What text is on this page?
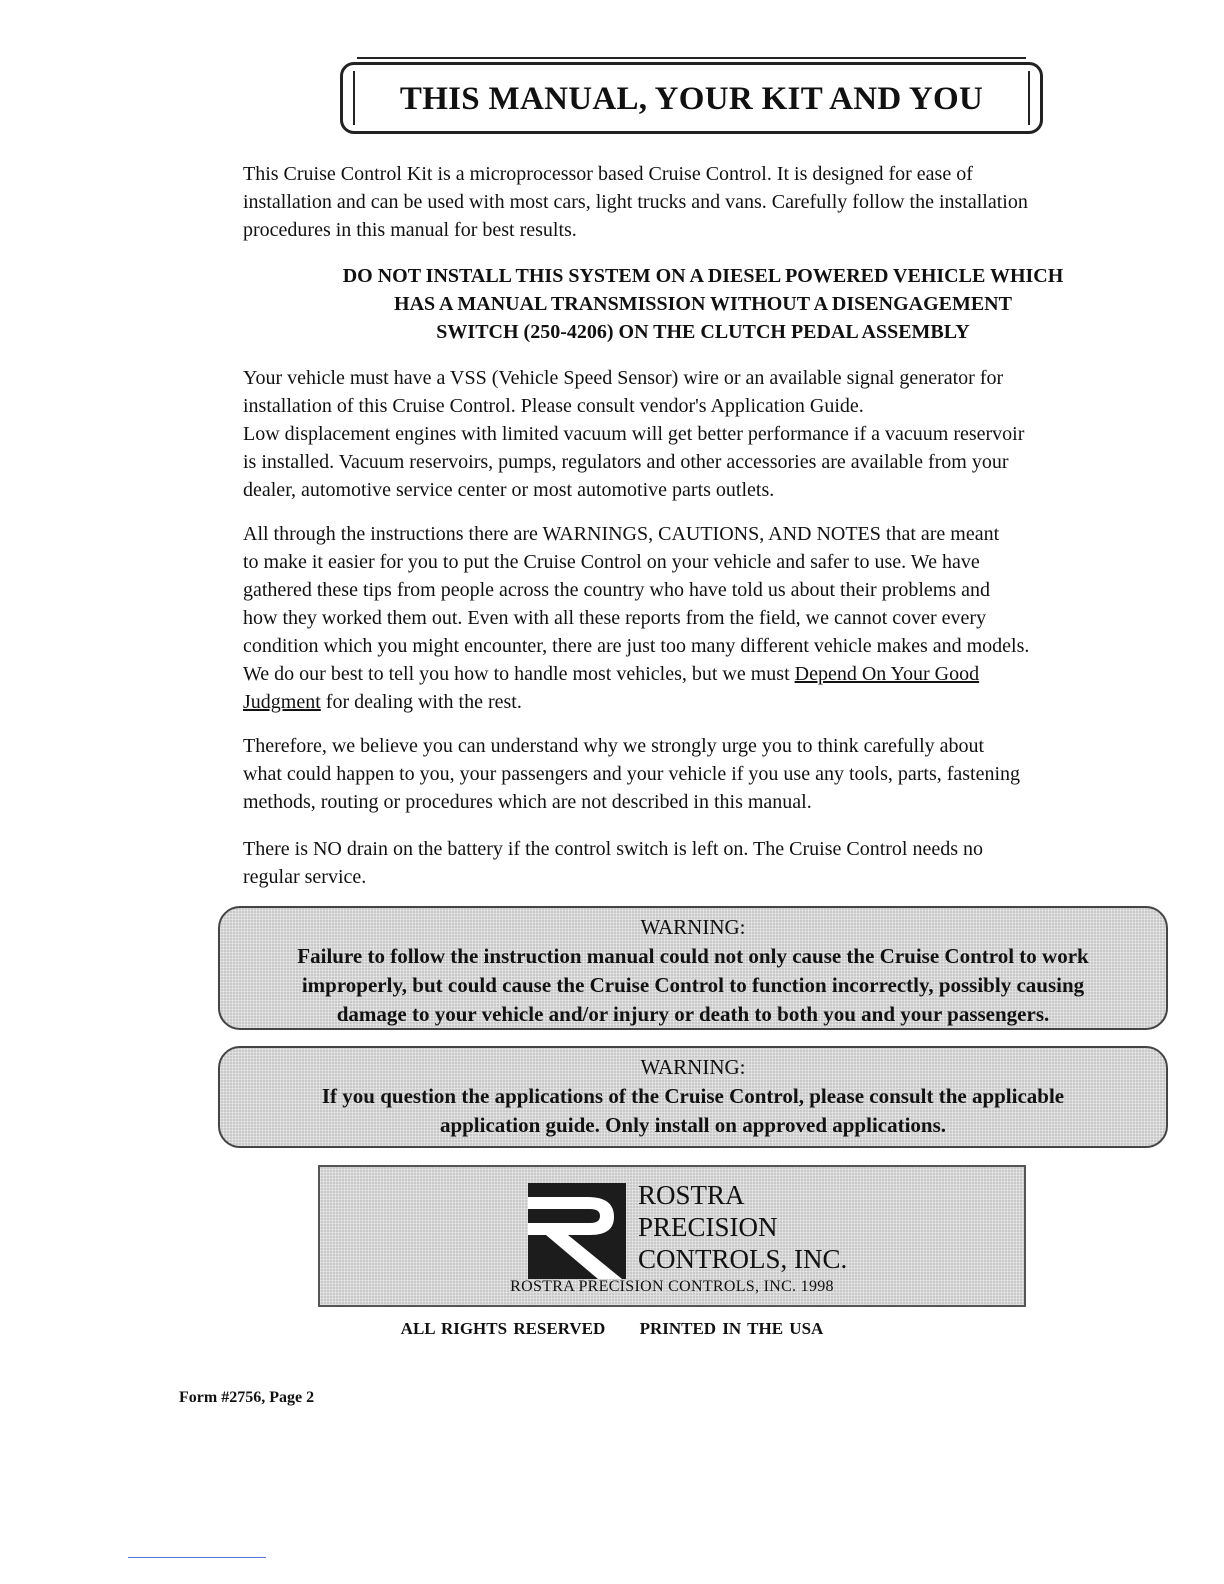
THIS MANUAL, YOUR KIT AND YOU
This Cruise Control Kit is a microprocessor based Cruise Control. It is designed for ease of
installation and can be used with most cars, light trucks and vans. Carefully follow the installation
procedures in this manual for best results.
DO NOT INSTALL THIS SYSTEM ON A DIESEL POWERED VEHICLE WHICH
HAS A MANUAL TRANSMISSION WITHOUT A DISENGAGEMENT
SWITCH (250-4206) ON THE CLUTCH PEDAL ASSEMBLY
Your vehicle must have a VSS (Vehicle Speed Sensor) wire or an available signal generator for
installation of this Cruise Control. Please consult vendor's Application Guide.
Low displacement engines with limited vacuum will get better performance if a vacuum reservoir
is installed. Vacuum reservoirs, pumps, regulators and other accessories are available from your
dealer, automotive service center or most automotive parts outlets.
All through the instructions there are WARNINGS, CAUTIONS, AND NOTES that are meant
to make it easier for you to put the Cruise Control on your vehicle and safer to use. We have
gathered these tips from people across the country who have told us about their problems and
how they worked them out. Even with all these reports from the field, we cannot cover every
condition which you might encounter, there are just too many different vehicle makes and models.
We do our best to tell you how to handle most vehicles, but we must Depend On Your Good
Judgment for dealing with the rest.
Therefore, we believe you can understand why we strongly urge you to think carefully about
what could happen to you, your passengers and your vehicle if you use any tools, parts, fastening
methods, routing or procedures which are not described in this manual.
There is NO drain on the battery if the control switch is left on. The Cruise Control needs no
regular service.
WARNING:
Failure to follow the instruction manual could not only cause the Cruise Control to work
improperly, but could cause the Cruise Control to function incorrectly, possibly causing
damage to your vehicle and/or injury or death to both you and your passengers.
WARNING:
If you question the applications of the Cruise Control, please consult the applicable
application guide. Only install on approved applications.
ROSTRA
PRECISION
CONTROLS, INC.
ROSTRA PRECISION CONTROLS, INC. 1998
ALL RIGHTS RESERVED PRINTED IN THE USA
Form #2756, Page 2
